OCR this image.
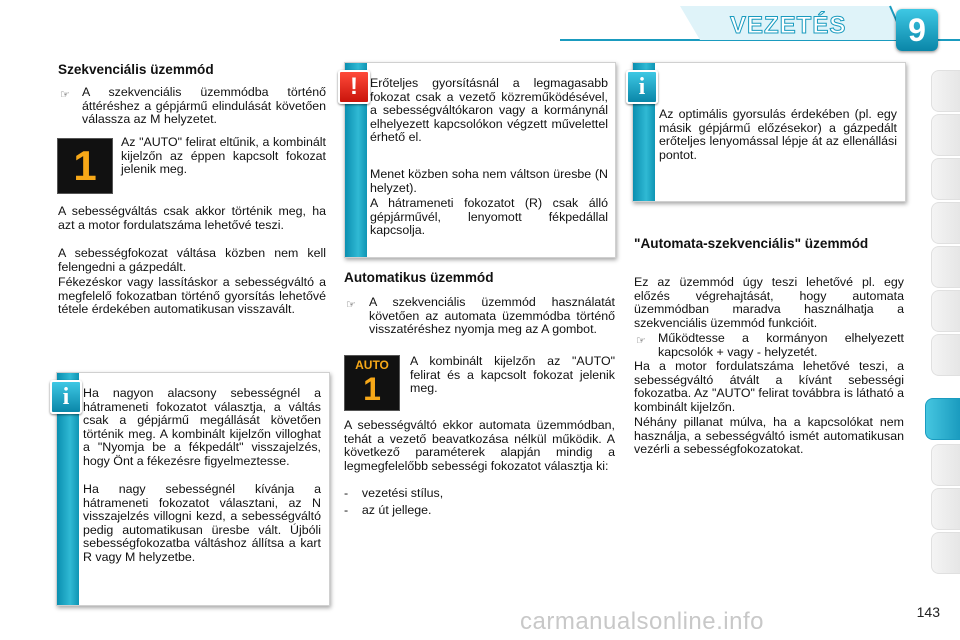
VEZETÉS	9
Szekvenciális üzemmód
☞ A szekvenciális üzemmódba történő áttéréshez a gépjármű elindulását követően válassza az M helyzetet.

1	Az "AUTO" felirat eltűnik, a kombinált kijelzőn az éppen kapcsolt fokozat jelenik meg.

A sebességváltás csak akkor történik meg, ha azt a motor fordulatszáma lehetővé teszi.

A sebességfokozat váltása közben nem kell felengedni a gázpedált.

Fékezéskor vagy lassításkor a sebességváltó a megfelelő fokozatban történő gyorsítás lehetővé tétele érdekében automatikusan visszavált.

i	Ha nagyon alacsony sebességnél a hátrameneti fokozatot választja, a váltás csak a gépjármű megállását követően történik meg. A kombinált kijelzőn villoghat a "Nyomja be a fékpedált" visszajelzés, hogy Önt a fékezésre figyelmeztesse.

Ha nagy sebességnél kívánja a hátrameneti fokozatot választani, az N visszajelzés villogni kezd, a sebességváltó pedig automatikusan üresbe vált. Újbóli sebességfokozatba váltáshoz állítsa a kart R vagy M helyzetbe.

! Erőteljes gyorsításnál a legmagasabb fokozat csak a vezető közreműködésével, a sebességváltókaron vagy a kormánynál elhelyezett kapcsolókon végzett művelettel érhető el.

Menet közben soha nem váltson üresbe (N helyzet).

A hátrameneti fokozatot (R) csak álló gépjárművél, lenyomott fékpedállal kapcsolja.

Automatikus üzemmód
☞ A szekvenciális üzemmód használatát követően az automata üzemmódba történő visszatéréshez nyomja meg az A gombot.

AUTO
1

A kombinált kijelzőn az "AUTO" felirat és a kapcsolt fokozat jelenik meg.

A sebességváltó ekkor automata üzemmódban, tehát a vezető beavatkozása nélkül működik. A következő paraméterek alapján mindig a legmegfelelőbb sebességi fokozatot választja ki:

-    vezetési stílus,
-    az út jellege.
i

Az optimális gyorsulás érdekében (pl. egy másik gépjármű előzésekor) a gázpedált erőteljes lenyomással lépje át az ellenállási pontot.

"Automata-szekvenciális" üzemmód

Ez az üzemmód úgy teszi lehetővé pl. egy előzés végrehajtását, hogy automata üzemmódban maradva használhatja a szekvenciális üzemmód funkcióit.

☞ Működtesse a kormányon elhelyezett kapcsolók + vagy - helyzetét.

Ha a motor fordulatszáma lehetővé teszi, a sebességváltó átvált a kívánt sebességi fokozatba. Az "AUTO" felirat továbbra is látható a kombinált kijelzőn.

Néhány pillanat múlva, ha a kapcsolókat nem használja, a sebességváltó ismét automatikusan vezérli a sebességfokozatokat.

143
carmanualsonline.info
